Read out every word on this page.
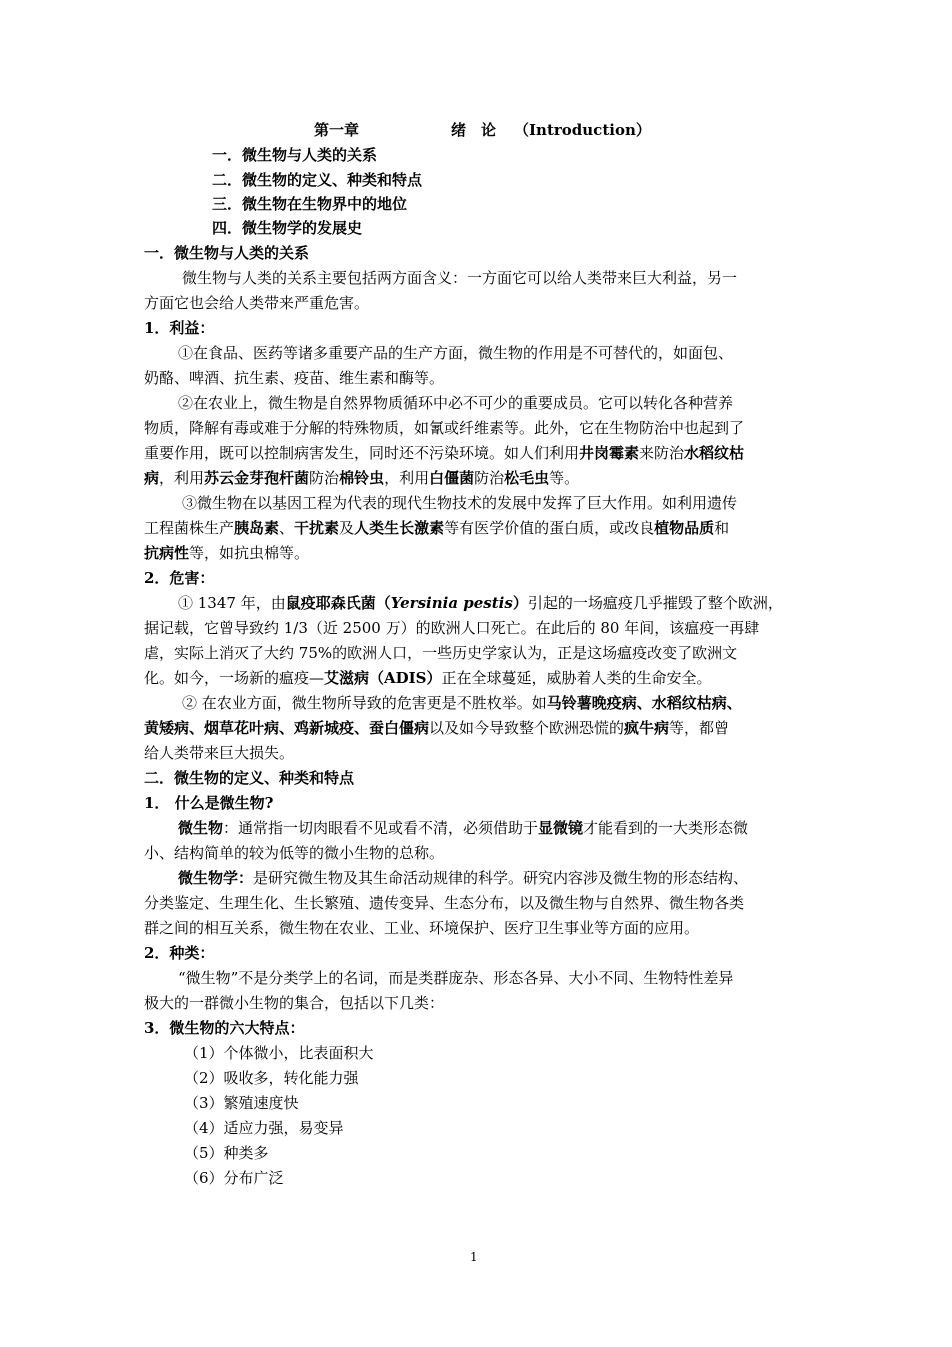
第一章	绪　论 （Introduction）
一．微生物与人类的关系
二．微生物的定义、种类和特点
三．微生物在生物界中的地位
四．微生物学的发展史
一．微生物与人类的关系
微生物与人类的关系主要包括两方面含义：一方面它可以给人类带来巨大利益，另一
方面它也会给人类带来严重危害。
1．利益：
①在食品、医药等诸多重要产品的生产方面，微生物的作用是不可替代的，如面包、
奶酪、啤酒、抗生素、疫苗、维生素和酶等。
②在农业上，微生物是自然界物质循环中必不可少的重要成员。它可以转化各种营养
物质，降解有毒或难于分解的特殊物质，如氰或纤维素等。此外，它在生物防治中也起到了
重要作用，既可以控制病害发生，同时还不污染环境。如人们利用井岗霉素来防治水稻纹枯
病，利用苏云金芽孢杆菌防治棉铃虫，利用白僵菌防治松毛虫等。
③微生物在以基因工程为代表的现代生物技术的发展中发挥了巨大作用。如利用遗传
工程菌株生产胰岛素、干扰素及人类生长激素等有医学价值的蛋白质，或改良植物品质和
抗病性等，如抗虫棉等。
2．危害：
① 1347 年，由鼠疫耶森氏菌（Yersinia pestis）引起的一场瘟疫几乎摧毁了整个欧洲，
据记载，它曾导致约 1/3（近 2500 万）的欧洲人口死亡。在此后的 80 年间，该瘟疫一再肆
虐，实际上消灭了大约 75%的欧洲人口，一些历史学家认为，正是这场瘟疫改变了欧洲文
化。如今，一场新的瘟疫—艾滋病（ADIS）正在全球蔓延，威胁着人类的生命安全。
② 在农业方面，微生物所导致的危害更是不胜枚举。如马铃薯晚疫病、水稻纹枯病、
黄矮病、烟草花叶病、鸡新城疫、蚕白僵病以及如今导致整个欧洲恐慌的疯牛病等，都曾
给人类带来巨大损失。
二．微生物的定义、种类和特点
1． 什么是微生物?
微生物：通常指一切肉眼看不见或看不清，必须借助于显微镜才能看到的一大类形态微
小、结构简单的较为低等的微小生物的总称。
微生物学：是研究微生物及其生命活动规律的科学。研究内容涉及微生物的形态结构、
分类鉴定、生理生化、生长繁殖、遗传变异、生态分布，以及微生物与自然界、微生物各类
群之间的相互关系，微生物在农业、工业、环境保护、医疗卫生事业等方面的应用。
2．种类：
“微生物”不是分类学上的名词，而是类群庞杂、形态各异、大小不同、生物特性差异
极大的一群微小生物的集合，包括以下几类：
3．微生物的六大特点：
（1）个体微小，比表面积大
（2）吸收多，转化能力强
（3）繁殖速度快
（4）适应力强，易变异
（5）种类多
（6）分布广泛
1
